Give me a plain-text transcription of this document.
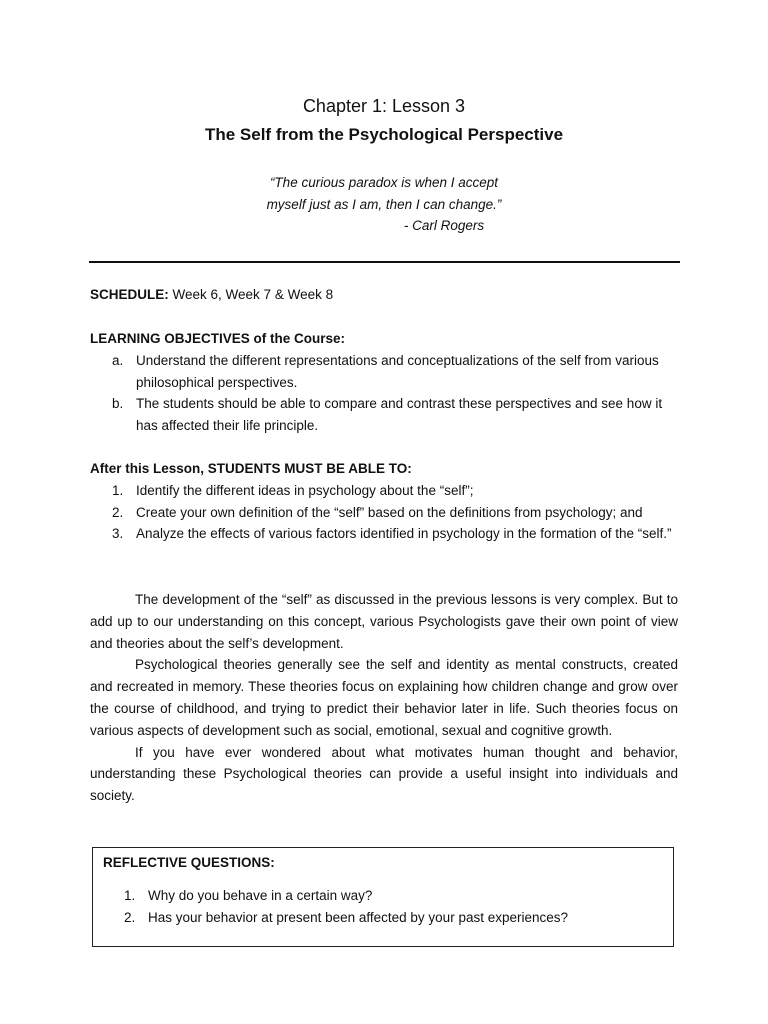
Chapter 1: Lesson 3
The Self from the Psychological Perspective
“The curious paradox is when I accept
myself just as I am, then I can change.”
- Carl Rogers
SCHEDULE: Week 6, Week 7 & Week 8
LEARNING OBJECTIVES of the Course:
a. Understand the different representations and conceptualizations of the self from various philosophical perspectives.
b. The students should be able to compare and contrast these perspectives and see how it has affected their life principle.
After this Lesson, STUDENTS MUST BE ABLE TO:
1. Identify the different ideas in psychology about the “self”;
2. Create your own definition of the “self” based on the definitions from psychology; and
3. Analyze the effects of various factors identified in psychology in the formation of the “self.”

The development of the “self” as discussed in the previous lessons is very complex. But to add up to our understanding on this concept, various Psychologists gave their own point of view and theories about the self’s development.

Psychological theories generally see the self and identity as mental constructs, created and recreated in memory. These theories focus on explaining how children change and grow over the course of childhood, and trying to predict their behavior later in life. Such theories focus on various aspects of development such as social, emotional, sexual and cognitive growth.

If you have ever wondered about what motivates human thought and behavior, understanding these Psychological theories can provide a useful insight into individuals and society.

REFLECTIVE QUESTIONS:
1. Why do you behave in a certain way?
2. Has your behavior at present been affected by your past experiences?
